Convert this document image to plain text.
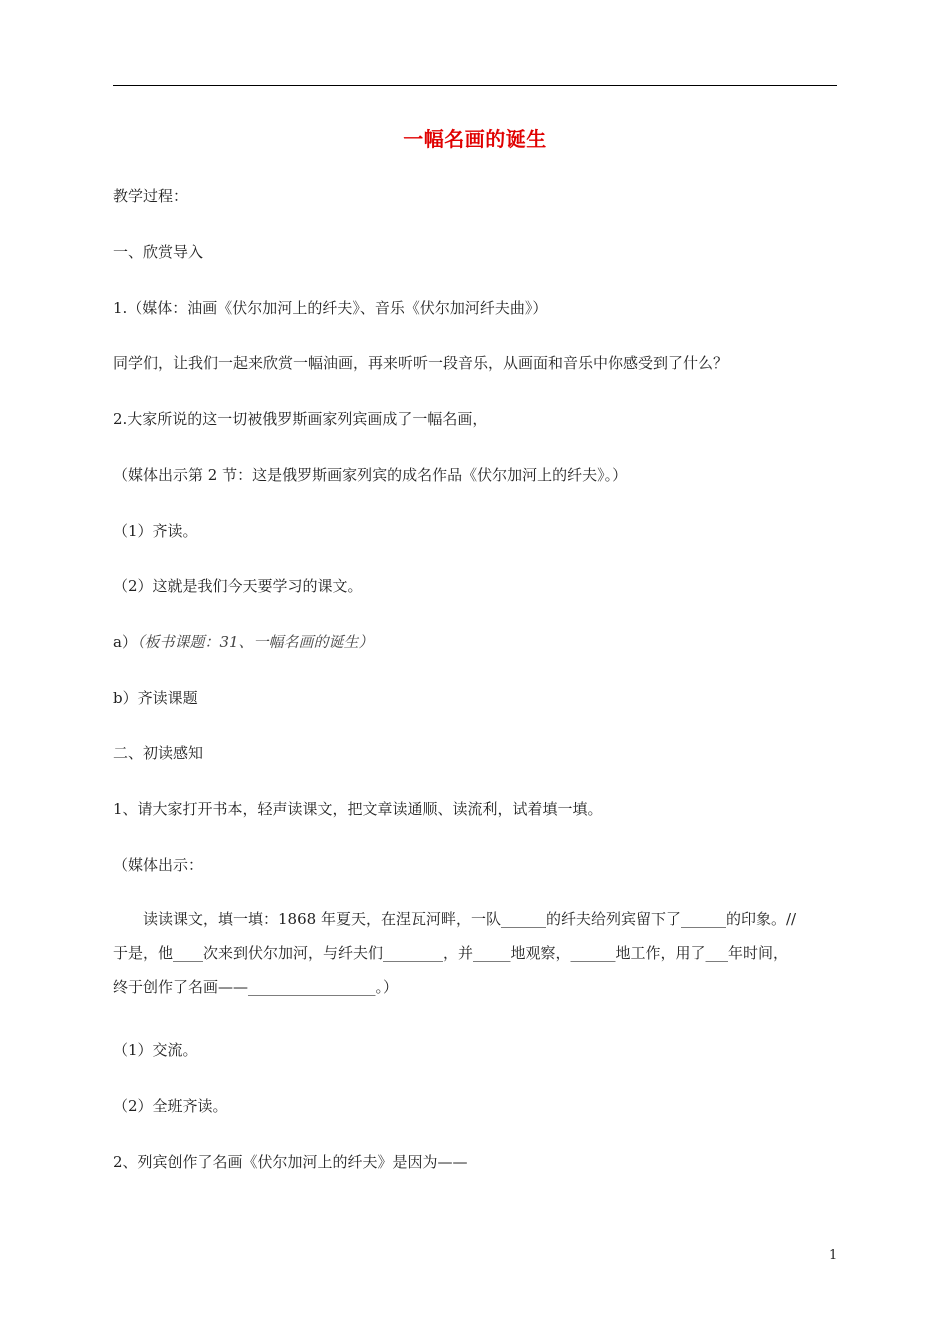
一幅名画的诞生
教学过程：
一、欣赏导入
1.（媒体：油画《伏尔加河上的纤夫》、音乐《伏尔加河纤夫曲》）
同学们，让我们一起来欣赏一幅油画，再来听听一段音乐，从画面和音乐中你感受到了什么？
2.大家所说的这一切被俄罗斯画家列宾画成了一幅名画，
（媒体出示第 2 节：这是俄罗斯画家列宾的成名作品《伏尔加河上的纤夫》。）
（1）齐读。
（2）这就是我们今天要学习的课文。
a）（板书课题：31、一幅名画的诞生）
b）齐读课题
二、初读感知
1、请大家打开书本，轻声读课文，把文章读通顺、读流利，试着填一填。
（媒体出示：
　　读读课文，填一填：1868 年夏天，在涅瓦河畔，一队______的纤夫给列宾留下了______的印象。//
于是，他____次来到伏尔加河，与纤夫们________，并_____地观察，______地工作，用了___年时间，
终于创作了名画——_________________。）
（1）交流。
（2）全班齐读。
2、列宾创作了名画《伏尔加河上的纤夫》是因为——
1
